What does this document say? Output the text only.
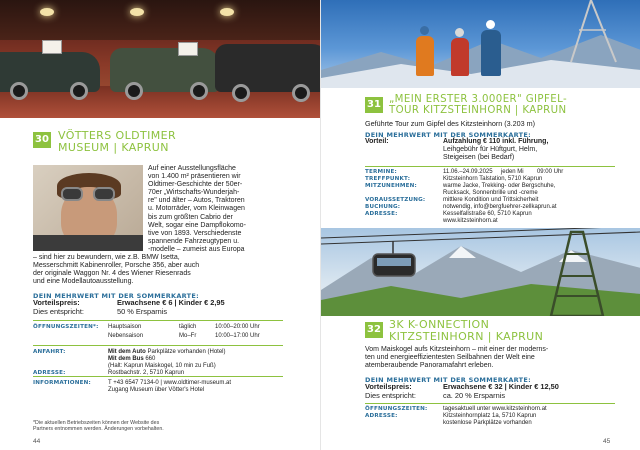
30 VÖTTERS OLDTIMER
MUSEUM | KAPRUN
Auf einer Ausstellungsfläche
von 1.400 m² präsentieren wir
Oldtimer-Geschichte der 50er-
70er „Wirtschafts-Wunderjah-
re" und älter – Autos, Traktoren
u. Motorräder, vom Kleinwagen
bis zum größten Cabrio der
Welt, sogar eine Dampflokomo-
tive von 1893. Verschiedenste
spannende Fahrzeugtypen u.
-modelle – zumeist aus Europa
– sind hier zu bewundern, wie z.B. BMW Isetta,
Messerschmitt Kabinenroller, Porsche 356, aber auch
der originale Waggon Nr. 4 des Wiener Riesenrads
und eine Modellautoausstellung.
DEIN MEHRWERT MIT DER SOMMERKARTE:
Vorteilspreis:	Erwachsene € 6 | Kinder € 2,95
Dies entspricht:	50 % Ersparnis
ÖFFNUNGSZEITEN*: Hauptsaison	täglich	10:00–20:00 Uhr
Nebensaison	Mo–Fr	10:00–17:00 Uhr
ANFAHRT:	Mit dem Auto Parkplätze vorhanden (Hotel)
Mit dem Bus 660
(Halt: Kaprun Maiskogel, 10 min zu Fuß)
ADRESSE:	Rostbachstr. 2, 5710 Kaprun
INFORMATIONEN:	T +43 6547 7134-0 | www.oldtimer-museum.at
Zugang Museum über Vötter's Hotel
*Die aktuellen Betriebszeiten können der Website des
Partners entnommen werden. Änderungen vorbehalten.
44
31 „MEIN ERSTER 3.000ER" GIPFEL-
TOUR KITZSTEINHORN | KAPRUN
Geführte Tour zum Gipfel des Kitzsteinhorn (3.203 m)
DEIN MEHRWERT MIT DER SOMMERKARTE:
Vorteil:	Aufzahlung € 110 inkl. Führung,
Leihgebühr für Hüftgurt, Helm,
Steigeisen (bei Bedarf)
TERMINE:	11.06.–24.09.2025     jeden Mi        09:00 Uhr
TREFFPUNKT:	Kitzsteinhorn Talstation, 5710 Kaprun
MITZUNEHMEN:	warme Jacke, Trekking- oder Bergschuhe,
Rucksack, Sonnenbrille und -creme
VORAUSSETZUNG:	mittlere Kondition und Trittsicherheit
BUCHUNG:	notwendig, info@bergfuehrer-zellkaprun.at
ADRESSE:	Kesselfallstraße 60, 5710 Kaprun
www.kitzsteinhorn.at
32 3K K-ONNECTION
KITZSTEINHORN | KAPRUN
Vom Maiskogel aufs Kitzsteinhorn – mit einer der moderns-
ten und energieeffizientesten Seilbahnen der Welt eine
atemberaubende Panoramafahrt erleben.
DEIN MEHRWERT MIT DER SOMMERKARTE:
Vorteilspreis:	Erwachsene € 32 | Kinder € 12,50
Dies entspricht:	ca. 20 % Ersparnis
ÖFFNUNGSZEITEN:	tagesaktuell unter www.kitzsteinhorn.at
ADRESSE:	Kitzsteinhornplatz 1a, 5710 Kaprun
kostenlose Parkplätze vorhanden
45
